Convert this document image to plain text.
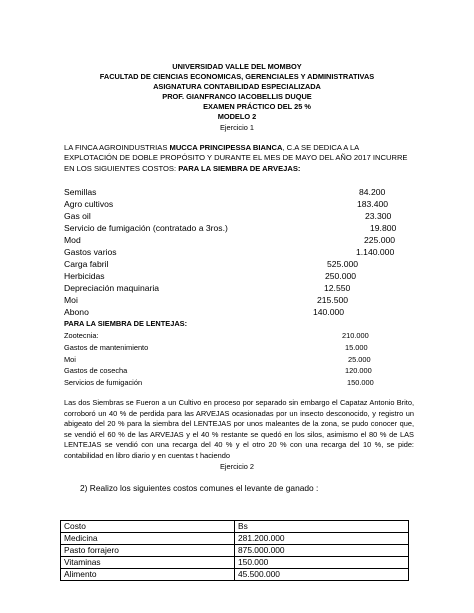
UNIVERSIDAD VALLE DEL MOMBOY
FACULTAD DE CIENCIAS ECONOMICAS, GERENCIALES Y ADMINISTRATIVAS
ASIGNATURA CONTABILIDAD ESPECIALIZADA
PROF. GIANFRANCO IACOBELLIS DUQUE
EXAMEN PRÁCTICO DEL 25 %
MODELO 2
Ejercicio 1
LA FINCA AGROINDUSTRIAS MUCCA PRINCIPESSA BIANCA, C.A SE DEDICA A LA EXPLOTACIÓN DE DOBLE PROPÓSITO Y DURANTE EL MES DE MAYO DEL AÑO 2017 INCURRE EN LOS SIGUIENTES COSTOS: PARA LA SIEMBRA DE ARVEJAS:
Semillas	84.200
Agro cultivos	183.400
Gas oil	23.300
Servicio de fumigación (contratado a 3ros.)	19.800
Mod	225.000
Gastos varios	1.140.000
Carga fabril	525.000
Herbicidas	250.000
Depreciación maquinaria	12.550
Moi	215.500
Abono	140.000
PARA LA SIEMBRA DE LENTEJAS:
Zootecnia:	210.000
Gastos de mantenimiento	15.000
Moi	25.000
Gastos de cosecha	120.000
Servicios de fumigación	150.000
Las dos Siembras se Fueron a un Cultivo en proceso por separado sin embargo el Capataz Antonio Brito, corroboró un 40 % de perdida para las ARVEJAS ocasionadas por un insecto desconocido, y registro un abigeato del 20 % para la siembra del LENTEJAS por unos maleantes de la zona, se pudo conocer que, se vendió el 60 % de las ARVEJAS y el 40 % restante se quedó en los silos, asimismo el 80 % de LAS LENTEJAS se vendió con una recarga del 40 % y el otro 20 % con una recarga del 10 %, se pide: contabilidad en libro diario y en cuentas t haciendo
Ejercicio 2
2) Realizo los siguientes costos comunes el levante de ganado :
Costo	Bs
Medicina	281.200.000
Pasto forrajero	875.000.000
Vitaminas	150.000
Alimento	45.500.000
